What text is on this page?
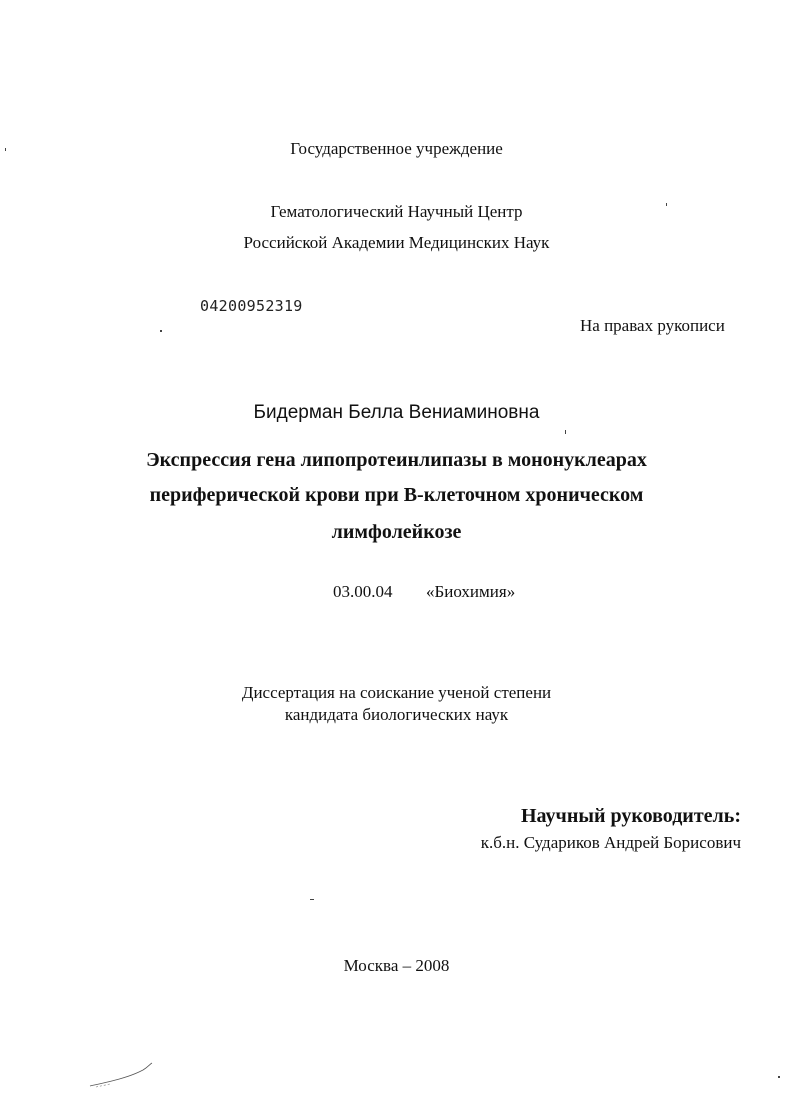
Государственное учреждение
Гематологический Научный Центр
Российской Академии Медицинских Наук
04200952319
На правах рукописи
Бидерман Белла Вениаминовна
Экспрессия гена липопротеинлипазы в мононуклеарах
периферической крови при В-клеточном хроническом
лимфолейкозе
03.00.04 «Биохимия»
Диссертация на соискание ученой степени
кандидата биологических наук
Научный руководитель:
к.б.н. Судариков Андрей Борисович
Москва – 2008
